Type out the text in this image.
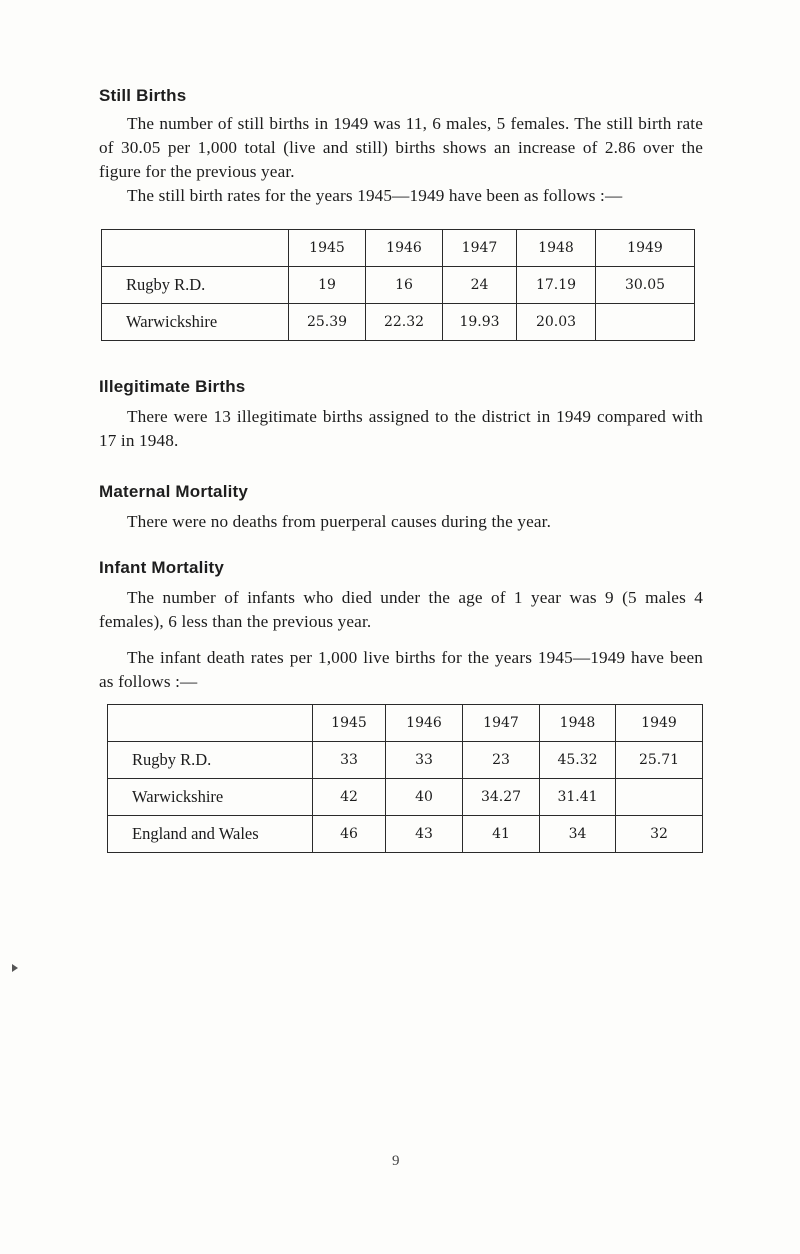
Still Births

The number of still births in 1949 was 11, 6 males, 5 females. The still birth rate of 30.05 per 1,000 total (live and still) births shows an increase of 2.86 over the figure for the previous year.

The still birth rates for the years 1945—1949 have been as follows :—

	1945	1946	1947	1948	1949
Rugby R.D.	19	16	24	17.19	30.05
Warwickshire	25.39	22.32	19.93	20.03	
Illegitimate Births

There were 13 illegitimate births assigned to the district in 1949 compared with 17 in 1948.

Maternal Mortality

There were no deaths from puerperal causes during the year.

Infant Mortality

The number of infants who died under the age of 1 year was 9 (5 males 4 females), 6 less than the previous year.

The infant death rates per 1,000 live births for the years 1945—1949 have been as follows :—

	1945	1946	1947	1948	1949
Rugby R.D.	33	33	23	45.32	25.71
Warwickshire	42	40	34.27	31.41	
England and Wales	46	43	41	34	32
9
